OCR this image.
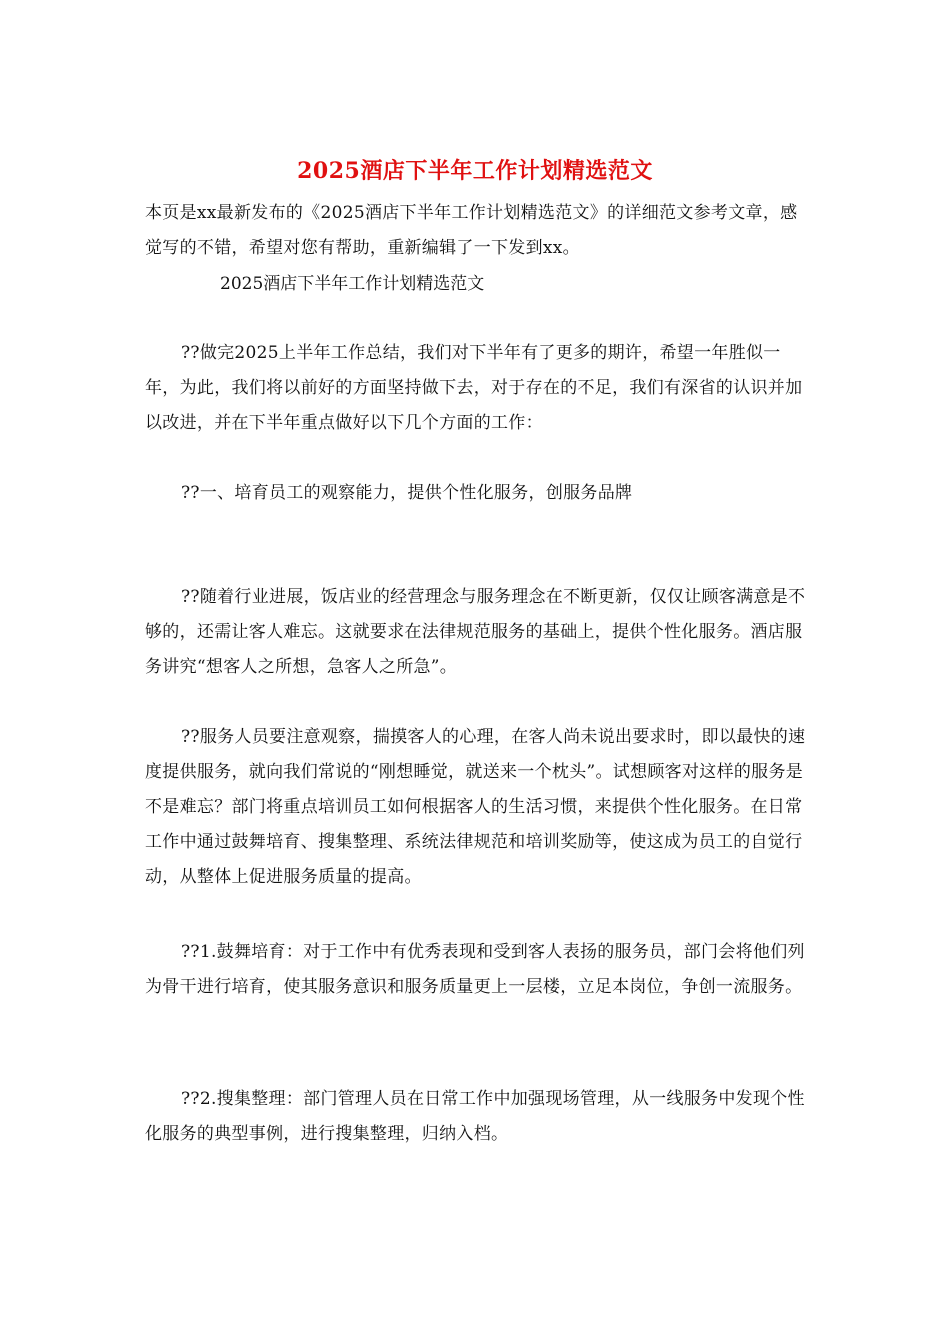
2025酒店下半年工作计划精选范文
本页是xx最新发布的《2025酒店下半年工作计划精选范文》的详细范文参考文章，感觉写的不错，希望对您有帮助，重新编辑了一下发到xx。
2025酒店下半年工作计划精选范文
??做完2025上半年工作总结，我们对下半年有了更多的期许，希望一年胜似一年，为此，我们将以前好的方面坚持做下去，对于存在的不足，我们有深省的认识并加以改进，并在下半年重点做好以下几个方面的工作：
??一、培育员工的观察能力，提供个性化服务，创服务品牌
??随着行业进展，饭店业的经营理念与服务理念在不断更新，仅仅让顾客满意是不够的，还需让客人难忘。这就要求在法律规范服务的基础上，提供个性化服务。酒店服务讲究“想客人之所想，急客人之所急”。
??服务人员要注意观察，揣摸客人的心理，在客人尚未说出要求时，即以最快的速度提供服务，就向我们常说的“刚想睡觉，就送来一个枕头”。试想顾客对这样的服务是不是难忘？部门将重点培训员工如何根据客人的生活习惯，来提供个性化服务。在日常工作中通过鼓舞培育、搜集整理、系统法律规范和培训奖励等，使这成为员工的自觉行动，从整体上促进服务质量的提高。
??1.鼓舞培育：对于工作中有优秀表现和受到客人表扬的服务员，部门会将他们列为骨干进行培育，使其服务意识和服务质量更上一层楼，立足本岗位，争创一流服务。
??2.搜集整理：部门管理人员在日常工作中加强现场管理，从一线服务中发现个性化服务的典型事例，进行搜集整理，归纳入档。
